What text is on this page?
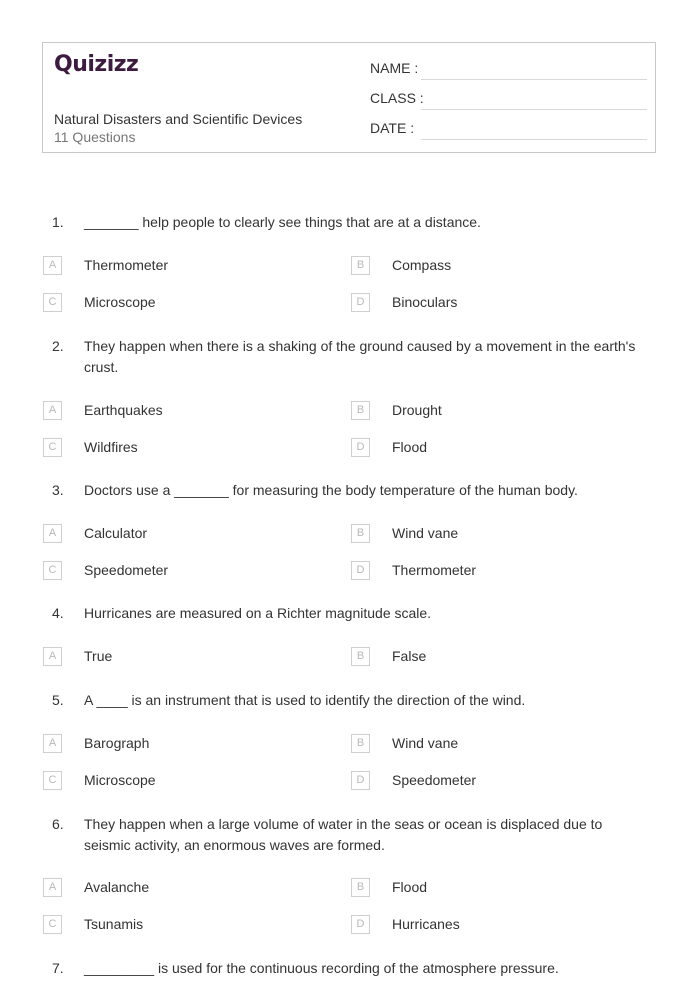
Quizizz
Natural Disasters and Scientific Devices
11 Questions
NAME :
CLASS :
DATE :
1. _______ help people to clearly see things that are at a distance.
A	Thermometer	B	Compass
C	Microscope	D	Binoculars
2. They happen when there is a shaking of the ground caused by a movement in the earth's crust.
A	Earthquakes	B	Drought
C	Wildfires	D	Flood
3. Doctors use a _______ for measuring the body temperature of the human body.
A	Calculator	B	Wind vane
C	Speedometer	D	Thermometer
4. Hurricanes are measured on a Richter magnitude scale.
A	True	B	False
5. A ____ is an instrument that is used to identify the direction of the wind.
A	Barograph	B	Wind vane
C	Microscope	D	Speedometer
6. They happen when a large volume of water in the seas or ocean is displaced due to seismic activity, an enormous waves are formed.
A	Avalanche	B	Flood
C	Tsunamis	D	Hurricanes
7. _________ is used for the continuous recording of the atmosphere pressure.
